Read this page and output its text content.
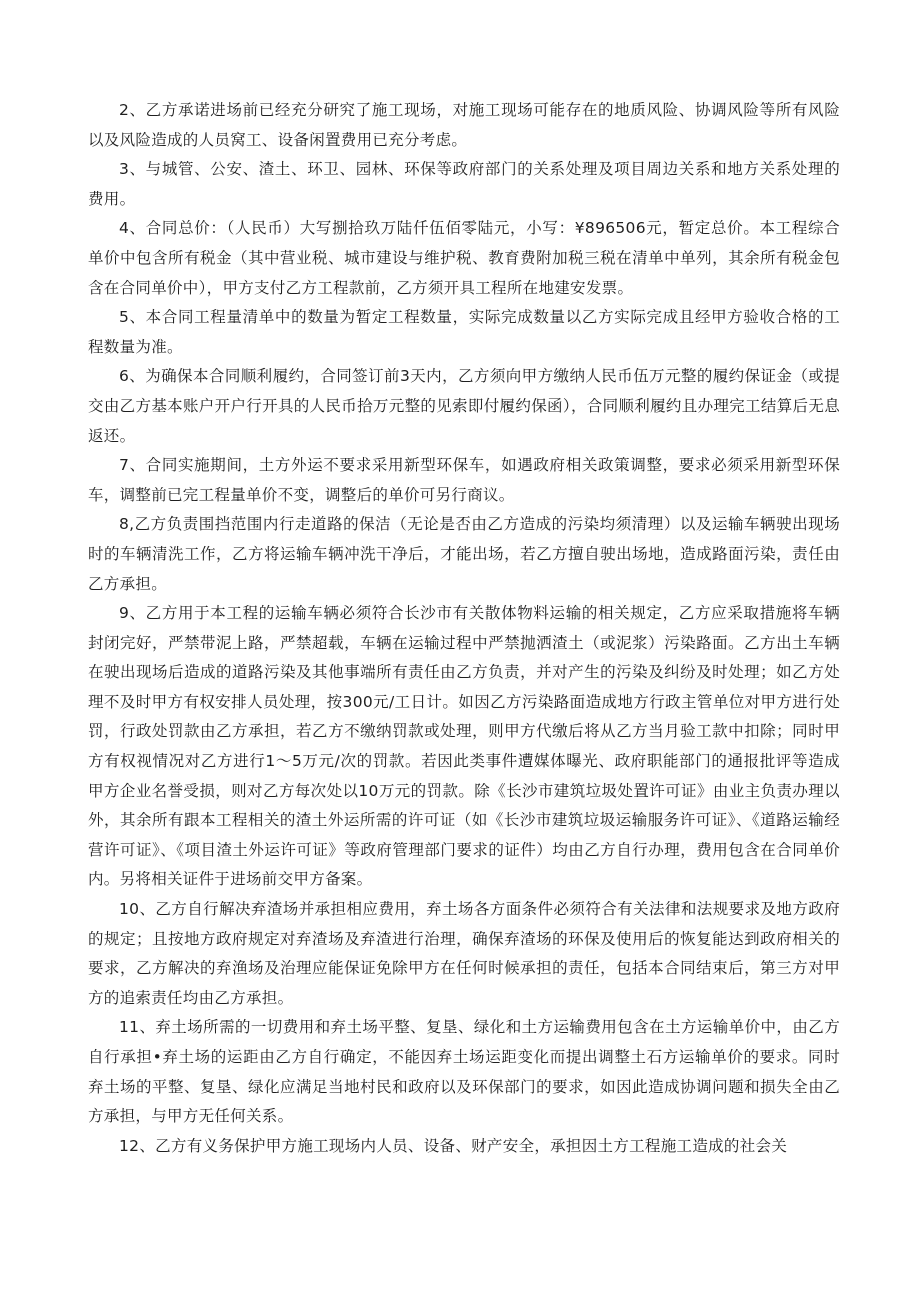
2、乙方承诺进场前已经充分研究了施工现场，对施工现场可能存在的地质风险、协调风险等所有风险以及风险造成的人员窝工、设备闲置费用已充分考虑。

3、与城管、公安、渣土、环卫、园林、环保等政府部门的关系处理及项目周边关系和地方关系处理的费用。

4、合同总价：（人民币）大写捌拾玖万陆仟伍佰零陆元，小写：¥896506元，暂定总价。本工程综合单价中包含所有税金（其中营业税、城市建设与维护税、教育费附加税三税在清单中单列，其余所有税金包含在合同单价中），甲方支付乙方工程款前，乙方须开具工程所在地建安发票。

5、本合同工程量清单中的数量为暂定工程数量，实际完成数量以乙方实际完成且经甲方验收合格的工程数量为准。

6、为确保本合同顺利履约，合同签订前3天内，乙方须向甲方缴纳人民币伍万元整的履约保证金（或提交由乙方基本账户开户行开具的人民币拾万元整的见索即付履约保函），合同顺利履约且办理完工结算后无息返还。

7、合同实施期间，土方外运不要求采用新型环保车，如遇政府相关政策调整，要求必须采用新型环保车，调整前已完工程量单价不变，调整后的单价可另行商议。

8,乙方负责围挡范围内行走道路的保洁（无论是否由乙方造成的污染均须清理）以及运输车辆驶出现场时的车辆清洗工作，乙方将运输车辆冲洗干净后，才能出场，若乙方擅自驶出场地，造成路面污染，责任由乙方承担。

9、乙方用于本工程的运输车辆必须符合长沙市有关散体物料运输的相关规定，乙方应采取措施将车辆封闭完好，严禁带泥上路，严禁超载，车辆在运输过程中严禁抛洒渣土（或泥浆）污染路面。乙方出土车辆在驶出现场后造成的道路污染及其他事端所有责任由乙方负责，并对产生的污染及纠纷及时处理；如乙方处理不及时甲方有权安排人员处理，按300元/工日计。如因乙方污染路面造成地方行政主管单位对甲方进行处罚，行政处罚款由乙方承担，若乙方不缴纳罚款或处理，则甲方代缴后将从乙方当月验工款中扣除；同时甲方有权视情况对乙方进行1～5万元/次的罚款。若因此类事件遭媒体曝光、政府职能部门的通报批评等造成甲方企业名誉受损，则对乙方每次处以10万元的罚款。除《长沙市建筑垃圾处置许可证》由业主负责办理以外，其余所有跟本工程相关的渣土外运所需的许可证（如《长沙市建筑垃圾运输服务许可证》、《道路运输经营许可证》、《项目渣土外运许可证》等政府管理部门要求的证件）均由乙方自行办理，费用包含在合同单价内。另将相关证件于进场前交甲方备案。

10、乙方自行解决弃渣场并承担相应费用，弃土场各方面条件必须符合有关法律和法规要求及地方政府的规定；且按地方政府规定对弃渣场及弃渣进行治理，确保弃渣场的环保及使用后的恢复能达到政府相关的要求，乙方解决的弃渔场及治理应能保证免除甲方在任何时候承担的责任，包括本合同结束后，第三方对甲方的追索责任均由乙方承担。

11、弃土场所需的一切费用和弃土场平整、复垦、绿化和土方运输费用包含在土方运输单价中，由乙方自行承担•弃土场的运距由乙方自行确定，不能因弃土场运距变化而提出调整土石方运输单价的要求。同时弃土场的平整、复垦、绿化应满足当地村民和政府以及环保部门的要求，如因此造成协调问题和损失全由乙方承担，与甲方无任何关系。

12、乙方有义务保护甲方施工现场内人员、设备、财产安全，承担因土方工程施工造成的社会关
